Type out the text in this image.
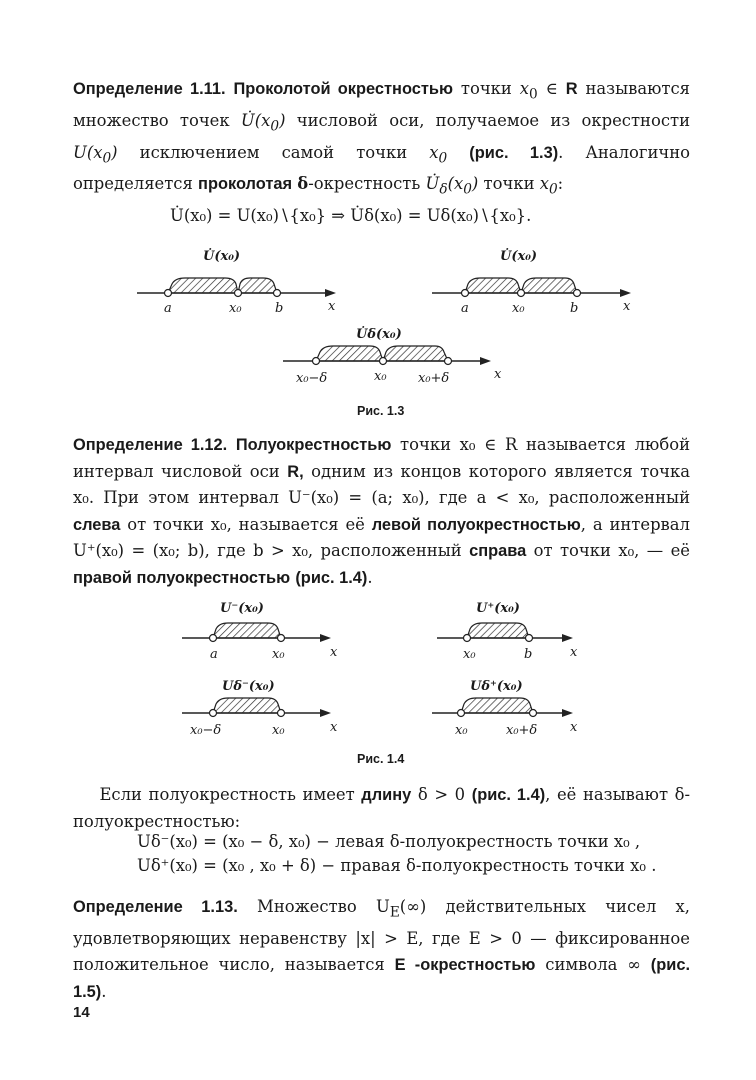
Определение 1.11. Проколотой окрестностью точки $x_0$ ∈ R называются множество точек $U̇(x_0)$ числовой оси, получаемое из окрестности $U(x_0)$ исключением самой точки $x_0$ (рис. 1.3). Аналогично определяется проколотая δ-окрестность $U̇_\delta(x_0)$ точки $x_0$:

U̇(x₀) = U(x₀)∖{x₀} ⇒ U̇δ(x₀) = Uδ(x₀)∖{x₀}.
U̇(x₀)
a	x₀	b	x
U̇(x₀)
a	x₀	b	x
U̇δ(x₀)
x₀−δ	x₀ x₀+δ	x
Рис. 1.3

Определение 1.12. Полуокрестностью точки x₀ ∈ R называется любой интервал числовой оси R, одним из концов которого является точка x₀. При этом интервал U⁻(x₀) = (a; x₀), где a < x₀, расположенный слева от точки x₀, называется её левой полуокрестностью, а интервал U⁺(x₀) = (x₀; b), где b > x₀, расположенный справа от точки x₀, — её правой полуокрестностью (рис. 1.4).

U⁻(x₀)
a	x₀	x
U⁺(x₀)
x₀	b	x
Uδ⁻(x₀)
x₀−δ	x₀	x
Uδ⁺(x₀)
x₀	x₀+δ	x
Рис. 1.4

Если полуокрестность имеет длину δ > 0 (рис. 1.4), её называют δ-полуокрестностью:

Uδ⁻(x₀) = (x₀ − δ, x₀) − левая δ-полуокрестность точки x₀ ,
Uδ⁺(x₀) = (x₀ , x₀ + δ) − правая δ-полуокрестность точки x₀ .

Определение 1.13. Множество $U_E(\infty)$ действительных чисел x, удовлетворяющих неравенству |x| > E, где E > 0 — фиксированное положительное число, называется E -окрестностью символа ∞ (рис. 1.5).

14
